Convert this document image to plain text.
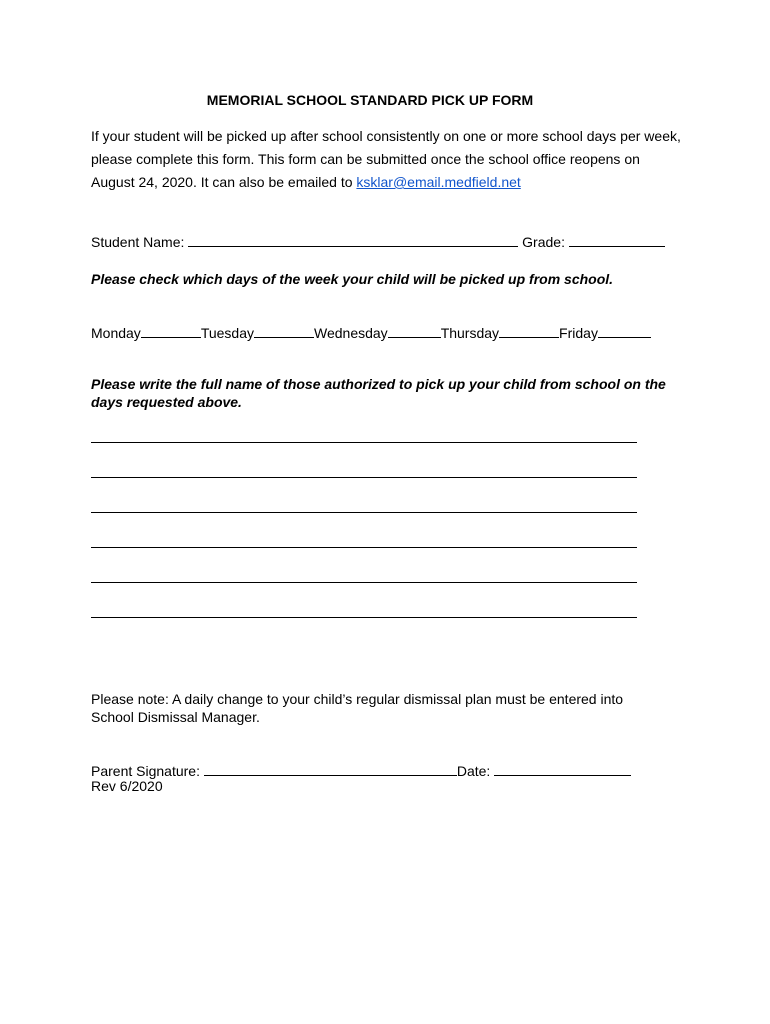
MEMORIAL SCHOOL STANDARD PICK UP FORM
If your student will be picked up after school consistently on one or more school days per week,
please complete this form. This form can be submitted once the school office reopens on
August 24, 2020. It can also be emailed to ksklar@email.medfield.net
Student Name:	Grade:
Please check which days of the week your child will be picked up from school.
Monday	Tuesday	Wednesday	Thursday	Friday
Please write the full name of those authorized to pick up your child from school on the
days requested above.
Please note: A daily change to your child’s regular dismissal plan must be entered into
School Dismissal Manager.
Parent Signature:	Date:
Rev 6/2020
